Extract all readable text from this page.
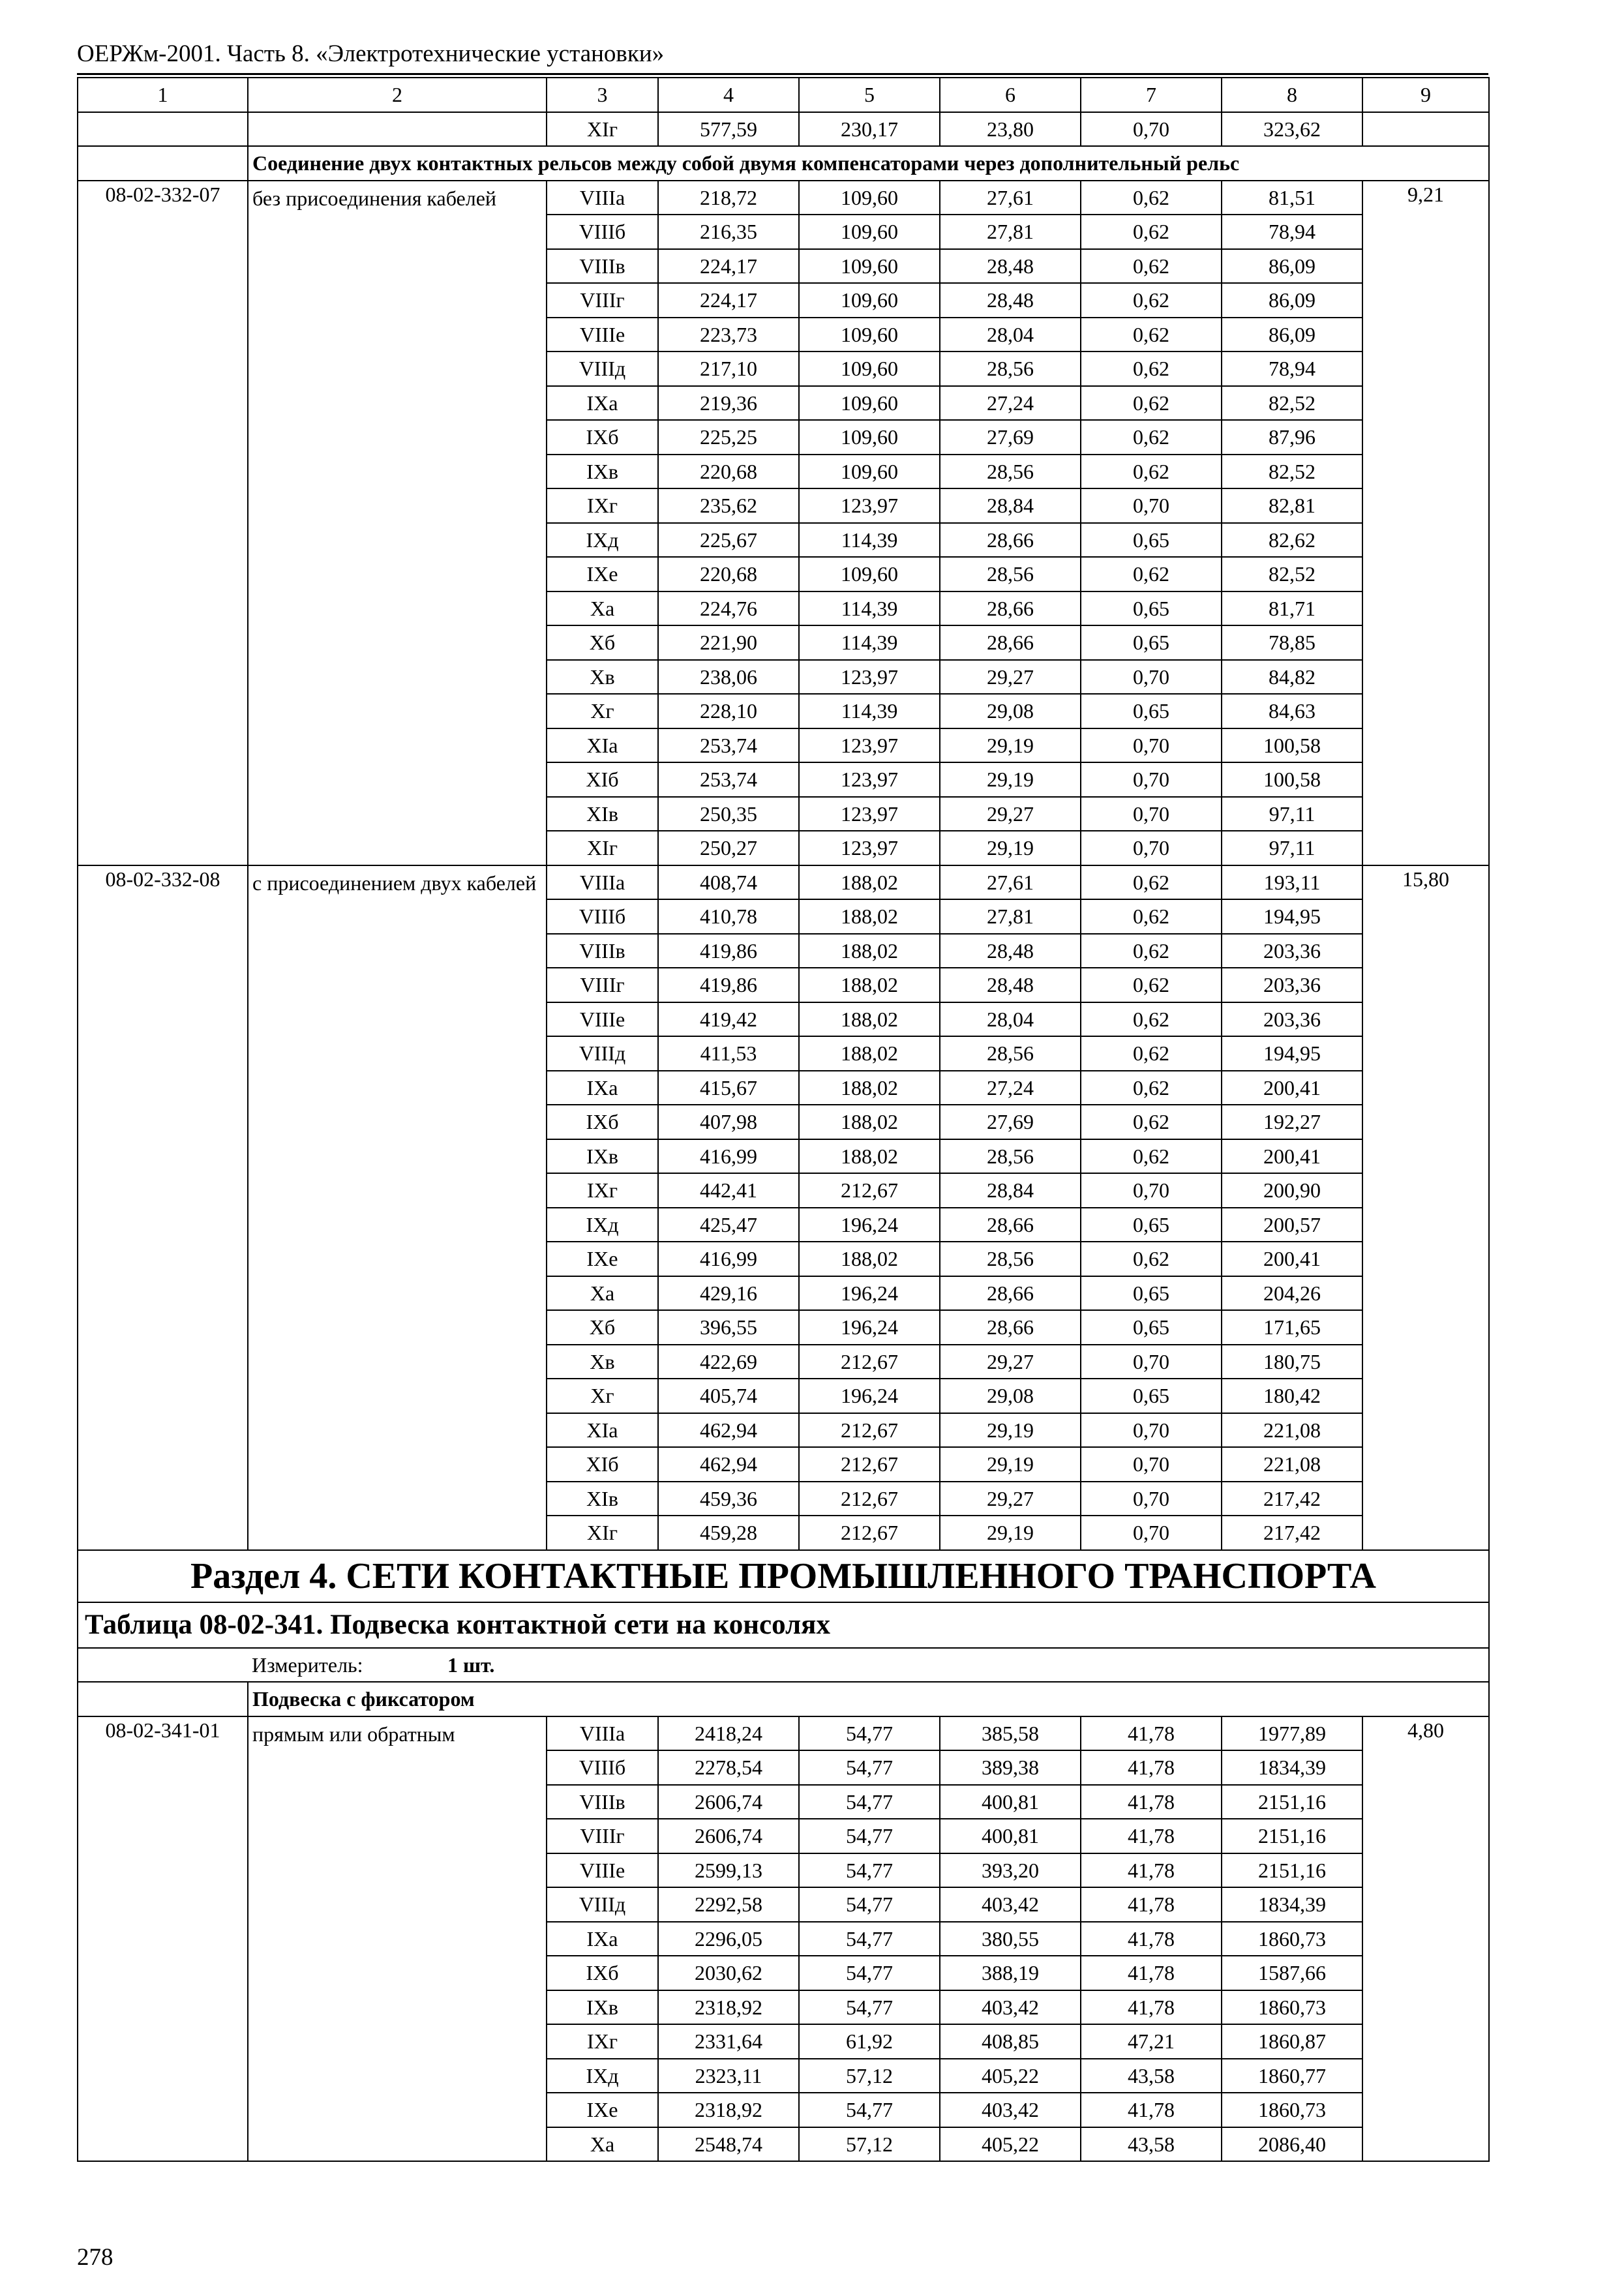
ОЕРЖм-2001. Часть 8. «Электротехнические установки»
1	2	3	4	5	6	7	8	9
		XIг	577,59	230,17	23,80	0,70	323,62	
	Соединение двух контактных рельсов между собой двумя компенсаторами через дополнительный рельс							
08-02-332-07	без присоединения кабелей	VIIIа	218,72	109,60	27,61	0,62	81,51	9,21
		VIIIб	216,35	109,60	27,81	0,62	78,94	
		VIIIв	224,17	109,60	28,48	0,62	86,09	
		VIIIг	224,17	109,60	28,48	0,62	86,09	
		VIIIе	223,73	109,60	28,04	0,62	86,09	
		VIIIд	217,10	109,60	28,56	0,62	78,94	
		IXа	219,36	109,60	27,24	0,62	82,52	
		IXб	225,25	109,60	27,69	0,62	87,96	
		IXв	220,68	109,60	28,56	0,62	82,52	
		IXг	235,62	123,97	28,84	0,70	82,81	
		IXд	225,67	114,39	28,66	0,65	82,62	
		IXе	220,68	109,60	28,56	0,62	82,52	
		Xа	224,76	114,39	28,66	0,65	81,71	
		Xб	221,90	114,39	28,66	0,65	78,85	
		Xв	238,06	123,97	29,27	0,70	84,82	
		Xг	228,10	114,39	29,08	0,65	84,63	
		XIа	253,74	123,97	29,19	0,70	100,58	
		XIб	253,74	123,97	29,19	0,70	100,58	
		XIв	250,35	123,97	29,27	0,70	97,11	
		XIг	250,27	123,97	29,19	0,70	97,11	
08-02-332-08	с присоединением двух кабелей	VIIIа	408,74	188,02	27,61	0,62	193,11	15,80
		VIIIб	410,78	188,02	27,81	0,62	194,95	
		VIIIв	419,86	188,02	28,48	0,62	203,36	
		VIIIг	419,86	188,02	28,48	0,62	203,36	
		VIIIе	419,42	188,02	28,04	0,62	203,36	
		VIIIд	411,53	188,02	28,56	0,62	194,95	
		IXа	415,67	188,02	27,24	0,62	200,41	
		IXб	407,98	188,02	27,69	0,62	192,27	
		IXв	416,99	188,02	28,56	0,62	200,41	
		IXг	442,41	212,67	28,84	0,70	200,90	
		IXд	425,47	196,24	28,66	0,65	200,57	
		IXе	416,99	188,02	28,56	0,62	200,41	
		Xа	429,16	196,24	28,66	0,65	204,26	
		Xб	396,55	196,24	28,66	0,65	171,65	
		Xв	422,69	212,67	29,27	0,70	180,75	
		Xг	405,74	196,24	29,08	0,65	180,42	
		XIа	462,94	212,67	29,19	0,70	221,08	
		XIб	462,94	212,67	29,19	0,70	221,08	
		XIв	459,36	212,67	29,27	0,70	217,42	
		XIг	459,28	212,67	29,19	0,70	217,42	
Раздел 4. СЕТИ КОНТАКТНЫЕ ПРОМЫШЛЕННОГО ТРАНСПОРТА								
Таблица 08-02-341. Подвеска контактной сети на консолях								
Измеритель: 1 шт.								
	Подвеска с фиксатором							
08-02-341-01	прямым или обратным	VIIIа	2418,24	54,77	385,58	41,78	1977,89	4,80
		VIIIб	2278,54	54,77	389,38	41,78	1834,39	
		VIIIв	2606,74	54,77	400,81	41,78	2151,16	
		VIIIг	2606,74	54,77	400,81	41,78	2151,16	
		VIIIе	2599,13	54,77	393,20	41,78	2151,16	
		VIIIд	2292,58	54,77	403,42	41,78	1834,39	
		IXа	2296,05	54,77	380,55	41,78	1860,73	
		IXб	2030,62	54,77	388,19	41,78	1587,66	
		IXв	2318,92	54,77	403,42	41,78	1860,73	
		IXг	2331,64	61,92	408,85	47,21	1860,87	
		IXд	2323,11	57,12	405,22	43,58	1860,77	
		IXе	2318,92	54,77	403,42	41,78	1860,73	
		Xа	2548,74	57,12	405,22	43,58	2086,40	
278
